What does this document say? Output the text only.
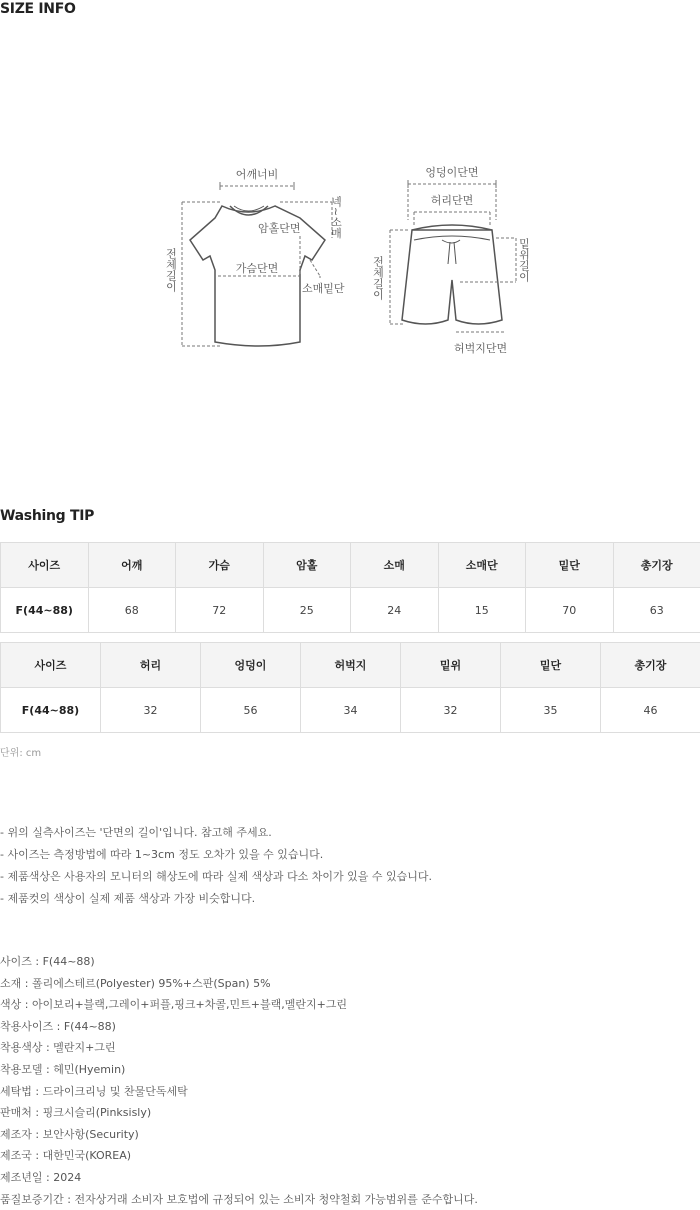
SIZE INFO
어깨너비
암홀단면
가슴단면
소매밑단
넥~소매
전체길이
엉덩이단면
허리단면
전체길이	밑위길이
허벅지단면
Washing TIP
사이즈	어깨	가슴	암홀	소매	소매단	밑단	총기장
F(44~88)	68	72	25	24	15	70	63
사이즈	허리	엉덩이	허벅지	밑위	밑단	총기장
F(44~88)	32	56	34	32	35	46
단위: cm
- 위의 실측사이즈는 '단면의 길이'입니다. 참고해 주세요.
- 사이즈는 측정방법에 따라 1~3cm 정도 오차가 있을 수 있습니다.
- 제품색상은 사용자의 모니터의 해상도에 따라 실제 색상과 다소 차이가 있을 수 있습니다.
- 제품컷의 색상이 실제 제품 색상과 가장 비슷합니다.
사이즈 : F(44~88)
소재 : 폴리에스테르(Polyester) 95%+스판(Span) 5%
색상 : 아이보리+블랙,그레이+퍼플,핑크+차콜,민트+블랙,멜란지+그린
착용사이즈 : F(44~88)
착용색상 : 멜란지+그린
착용모델 : 헤민(Hyemin)
세탁법 : 드라이크리닝 및 찬물단독세탁
판매처 : 핑크시슬리(Pinksisly)
제조자 : 보안사항(Security)
제조국 : 대한민국(KOREA)
제조년일 : 2024
품질보증기간 : 전자상거래 소비자 보호법에 규정되어 있는 소비자 청약철회 가능범위를 준수합니다.
